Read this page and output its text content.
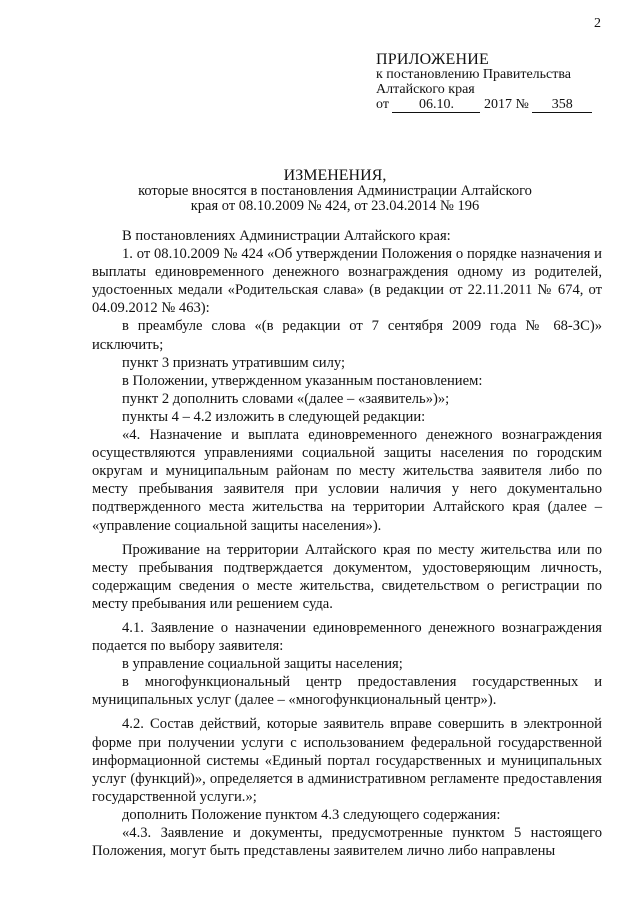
2
ПРИЛОЖЕНИЕ
к постановлению Правительства
Алтайского края
от 06.10. 2017 № 358
ИЗМЕНЕНИЯ,
которые вносятся в постановления Администрации Алтайского
края от 08.10.2009 № 424, от 23.04.2014 № 196

В постановлениях Администрации Алтайского края:

1. от 08.10.2009 № 424 «Об утверждении Положения о порядке назначения и выплаты единовременного денежного вознаграждения одному из родителей, удостоенных медали «Родительская слава» (в редакции от 22.11.2011 № 674, от 04.09.2012 № 463):

в преамбуле слова «(в редакции от 7 сентября 2009 года № 68-ЗС)» исключить;

пункт 3 признать утратившим силу;

в Положении, утвержденном указанным постановлением:

пункт 2 дополнить словами «(далее – «заявитель»)»;

пункты 4 – 4.2 изложить в следующей редакции:

«4. Назначение и выплата единовременного денежного вознаграждения осуществляются управлениями социальной защиты населения по городским округам и муниципальным районам по месту жительства заявителя либо по месту пребывания заявителя при условии наличия у него документально подтвержденного места жительства на территории Алтайского края (далее – «управление социальной защиты населения»).

Проживание на территории Алтайского края по месту жительства или по месту пребывания подтверждается документом, удостоверяющим личность, содержащим сведения о месте жительства, свидетельством о регистрации по месту пребывания или решением суда.

4.1. Заявление о назначении единовременного денежного вознаграждения подается по выбору заявителя:

в управление социальной защиты населения;

в многофункциональный центр предоставления государственных и муниципальных услуг (далее – «многофункциональный центр»).

4.2. Состав действий, которые заявитель вправе совершить в электронной форме при получении услуги с использованием федеральной государственной информационной системы «Единый портал государственных и муниципальных услуг (функций)», определяется в административном регламенте предоставления государственной услуги.»;

дополнить Положение пунктом 4.3 следующего содержания:

«4.3. Заявление и документы, предусмотренные пунктом 5 настоящего Положения, могут быть представлены заявителем лично либо направлены
